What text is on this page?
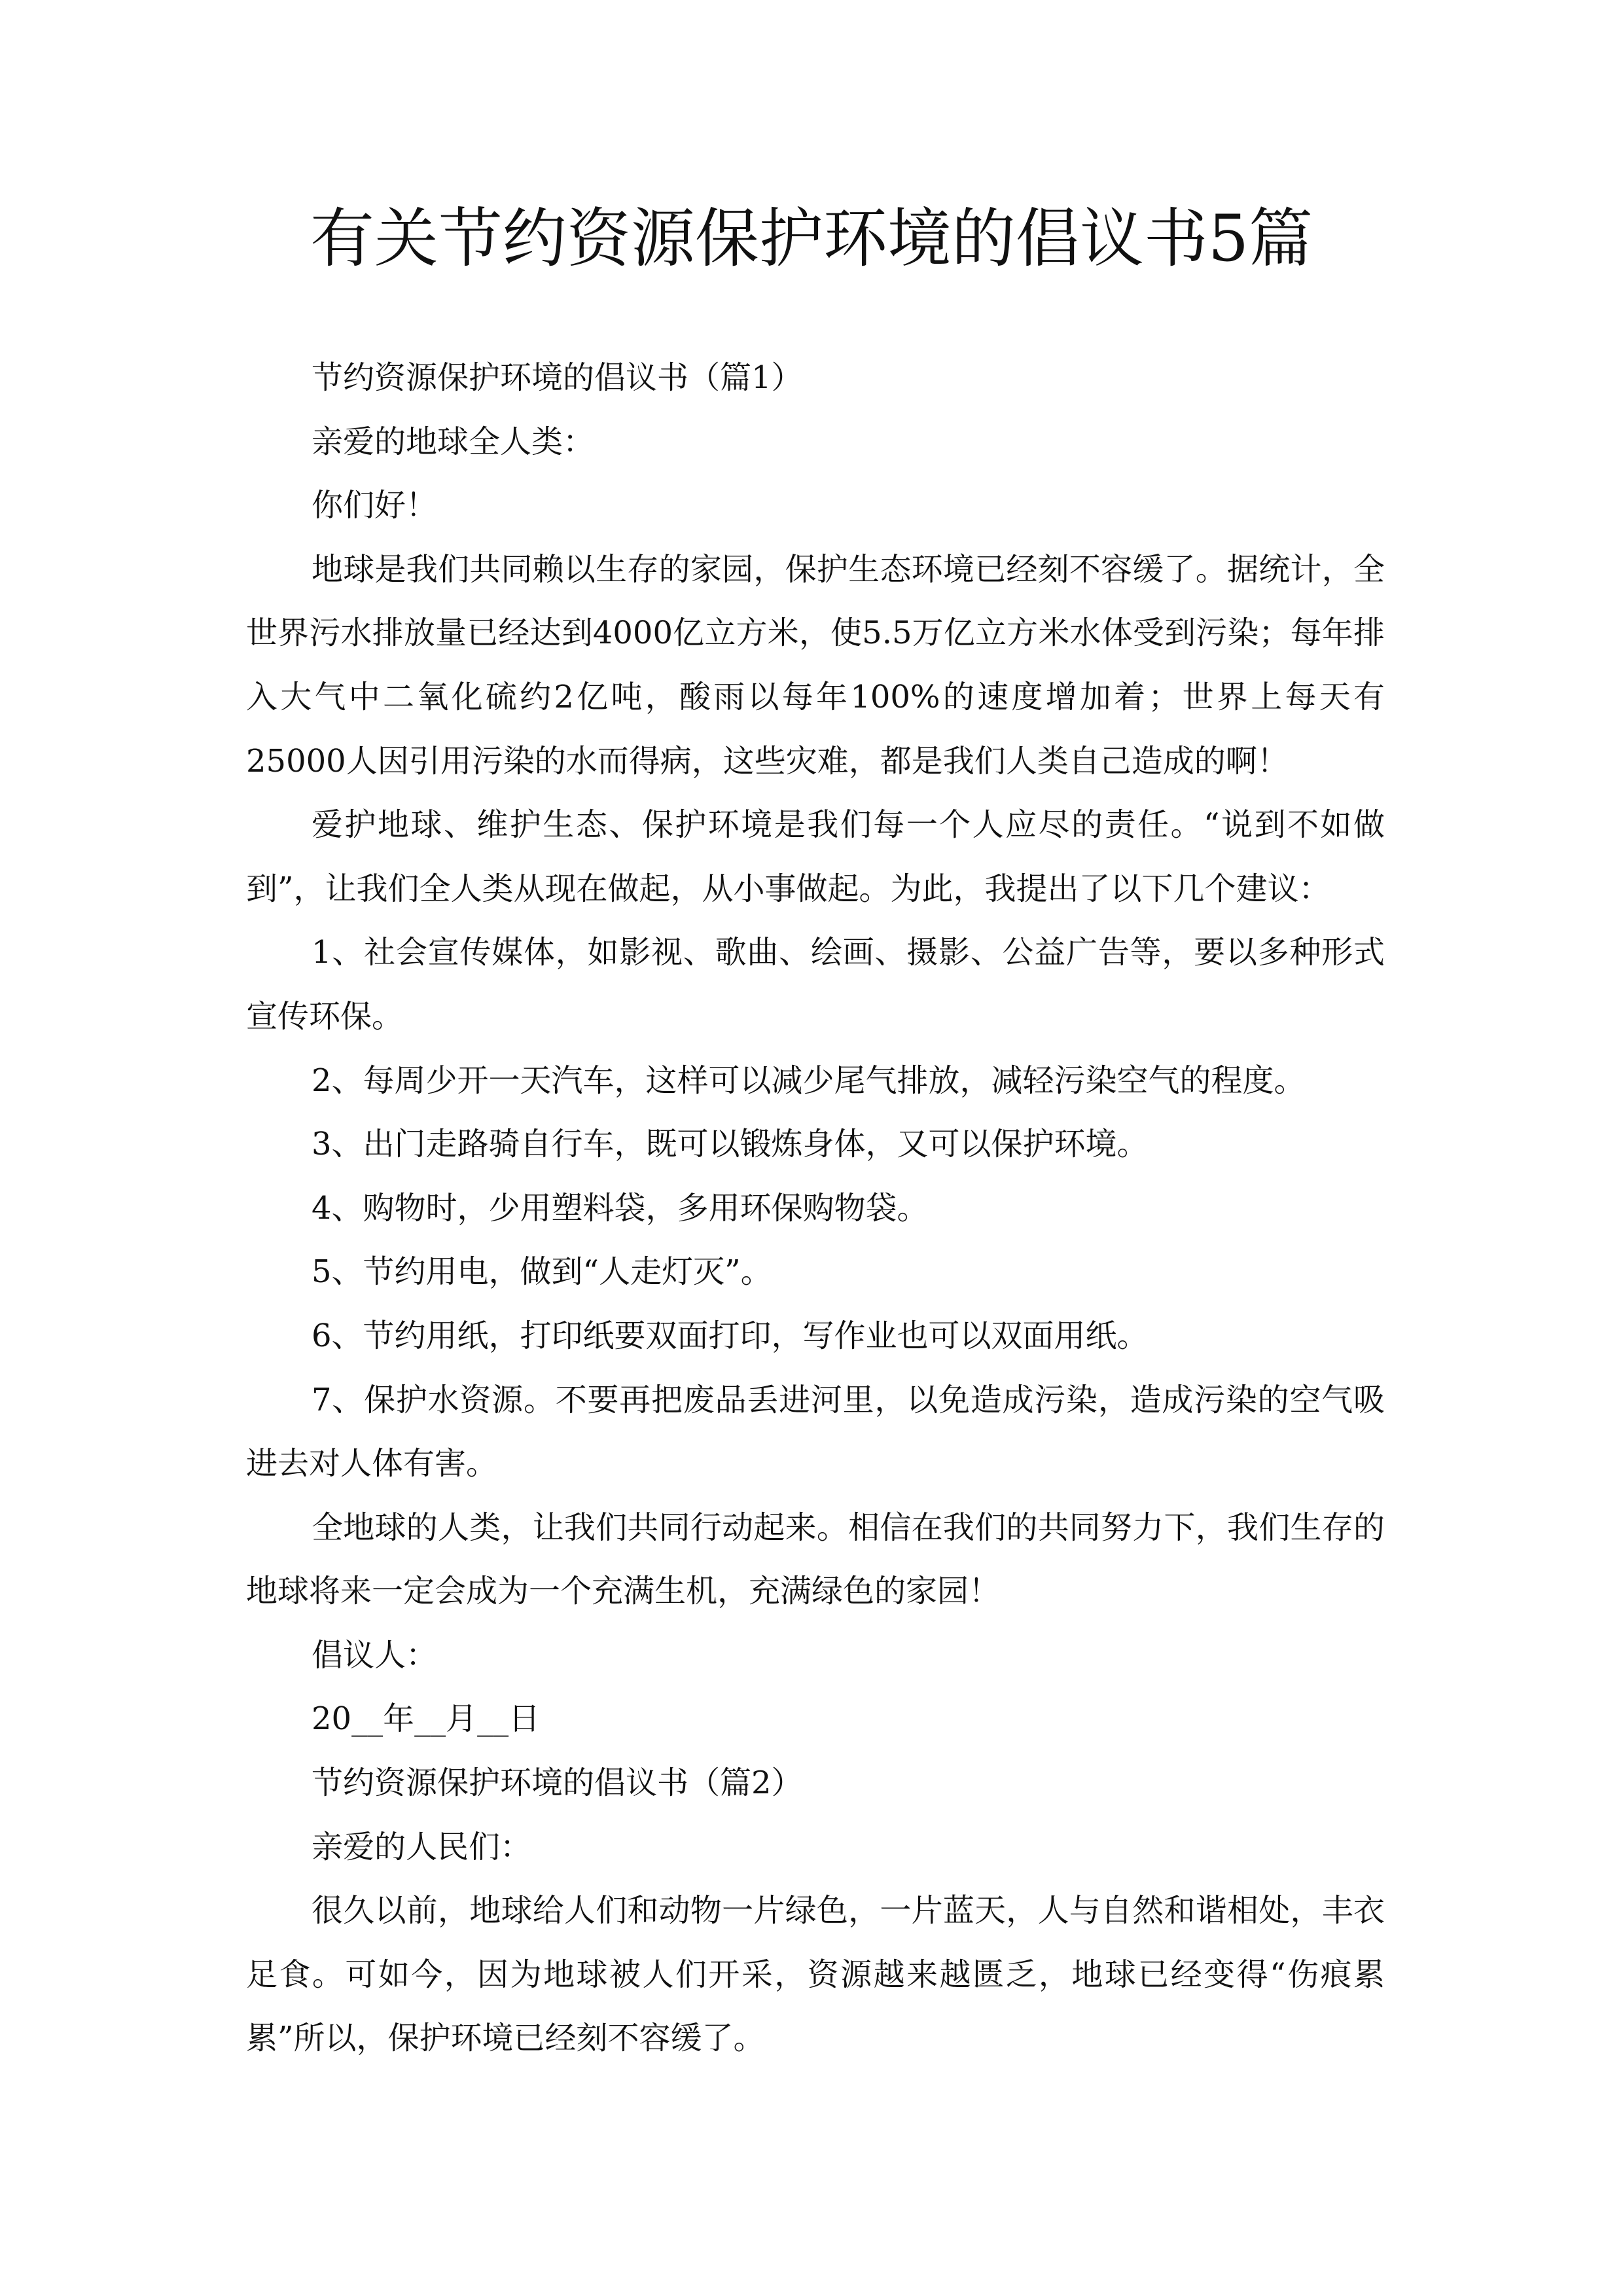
有关节约资源保护环境的倡议书5篇

节约资源保护环境的倡议书（篇1）

亲爱的地球全人类：

你们好！

地球是我们共同赖以生存的家园，保护生态环境已经刻不容缓了。据统计，全世界污水排放量已经达到4000亿立方米，使5.5万亿立方米水体受到污染；每年排入大气中二氧化硫约2亿吨，酸雨以每年100%的速度增加着；世界上每天有25000人因引用污染的水而得病，这些灾难，都是我们人类自己造成的啊！

爱护地球、维护生态、保护环境是我们每一个人应尽的责任。“说到不如做到”，让我们全人类从现在做起，从小事做起。为此，我提出了以下几个建议：

1、社会宣传媒体，如影视、歌曲、绘画、摄影、公益广告等，要以多种形式宣传环保。

2、每周少开一天汽车，这样可以减少尾气排放，减轻污染空气的程度。

3、出门走路骑自行车，既可以锻炼身体，又可以保护环境。

4、购物时，少用塑料袋，多用环保购物袋。

5、节约用电，做到“人走灯灭”。

6、节约用纸，打印纸要双面打印，写作业也可以双面用纸。

7、保护水资源。不要再把废品丢进河里，以免造成污染，造成污染的空气吸进去对人体有害。

全地球的人类，让我们共同行动起来。相信在我们的共同努力下，我们生存的地球将来一定会成为一个充满生机，充满绿色的家园！

倡议人：

20__年__月__日

节约资源保护环境的倡议书（篇2）

亲爱的人民们：

很久以前，地球给人们和动物一片绿色，一片蓝天，人与自然和谐相处，丰衣足食。可如今，因为地球被人们开采，资源越来越匮乏，地球已经变得“伤痕累累”所以，保护环境已经刻不容缓了。
